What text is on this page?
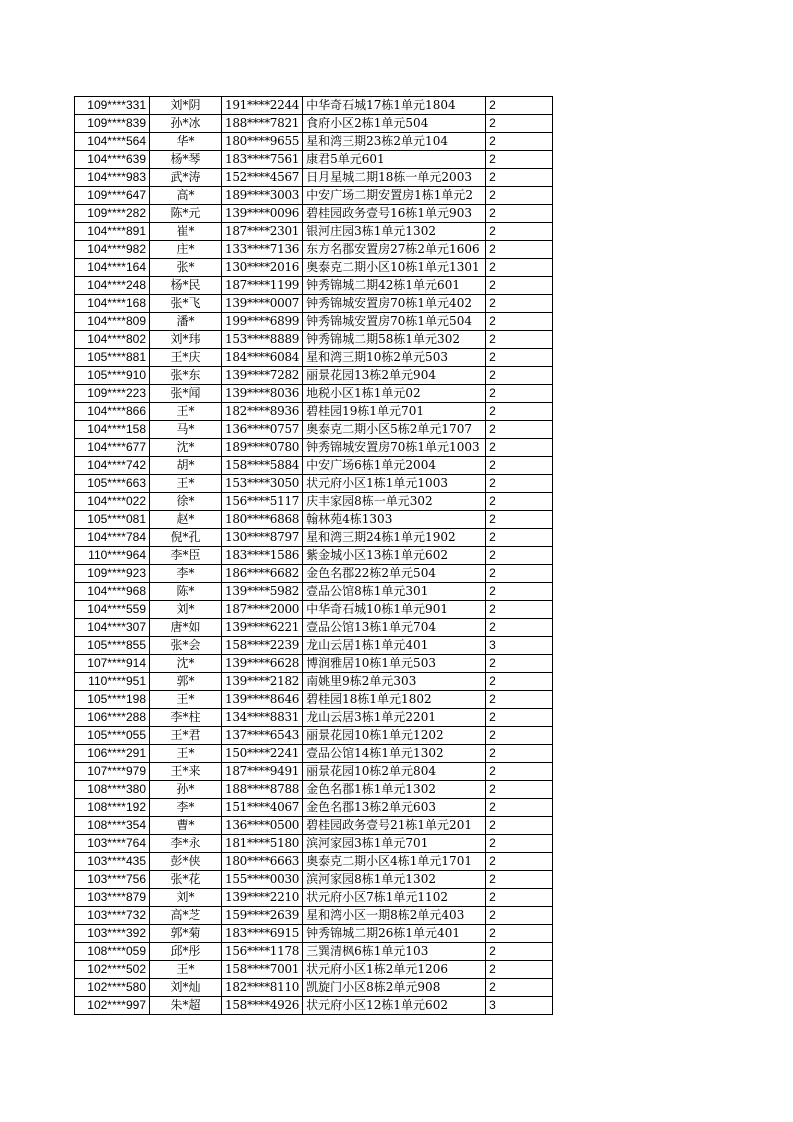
109****331	刘*阴	191****2244	中华奇石城17栋1单元1804	2
109****839	孙*冰	188****7821	食府小区2栋1单元504	2
104****564	华*	180****9655	星和湾三期23栋2单元104	2
104****639	杨*琴	183****7561	康君5单元601	2
104****983	武*涛	152****4567	日月星城二期18栋一单元2003	2
109****647	高*	189****3003	中安广场二期安置房1栋1单元2	2
109****282	陈*元	139****0096	碧桂园政务壹号16栋1单元903	2
104****891	崔*	187****2301	银河庄园3栋1单元1302	2
104****982	庄*	133****7136	东方名郡安置房27栋2单元1606	2
104****164	张*	130****2016	奥泰克二期小区10栋1单元1301	2
104****248	杨*民	187****1199	钟秀锦城二期42栋1单元601	2
104****168	张*飞	139****0007	钟秀锦城安置房70栋1单元402	2
104****809	潘*	199****6899	钟秀锦城安置房70栋1单元504	2
104****802	刘*玮	153****8889	钟秀锦城二期58栋1单元302	2
105****881	王*庆	184****6084	星和湾三期10栋2单元503	2
105****910	张*东	139****7282	丽景花园13栋2单元904	2
109****223	张*闻	139****8036	地税小区1栋1单元02	2
104****866	王*	182****8936	碧桂园19栋1单元701	2
104****158	马*	136****0757	奥泰克二期小区5栋2单元1707	2
104****677	沈*	189****0780	钟秀锦城安置房70栋1单元1003	2
104****742	胡*	158****5884	中安广场6栋1单元2004	2
105****663	王*	153****3050	状元府小区1栋1单元1003	2
104****022	徐*	156****5117	庆丰家园8栋一单元302	2
105****081	赵*	180****6868	翰林苑4栋1303	2
104****784	倪*孔	130****8797	星和湾三期24栋1单元1902	2
110****964	李*臣	183****1586	紫金城小区13栋1单元602	2
109****923	李*	186****6682	金色名郡22栋2单元504	2
104****968	陈*	139****5982	壹品公馆8栋1单元301	2
104****559	刘*	187****2000	中华奇石城10栋1单元901	2
104****307	唐*如	139****6221	壹品公馆13栋1单元704	2
105****855	张*会	158****2239	龙山云居1栋1单元401	3
107****914	沈*	139****6628	博润雅居10栋1单元503	2
110****951	郭*	139****2182	南姚里9栋2单元303	2
105****198	王*	139****8646	碧桂园18栋1单元1802	2
106****288	李*柱	134****8831	龙山云居3栋1单元2201	2
105****055	王*君	137****6543	丽景花园10栋1单元1202	2
106****291	王*	150****2241	壹品公馆14栋1单元1302	2
107****979	王*来	187****9491	丽景花园10栋2单元804	2
108****380	孙*	188****8788	金色名郡1栋1单元1302	2
108****192	李*	151****4067	金色名郡13栋2单元603	2
108****354	曹*	136****0500	碧桂园政务壹号21栋1单元201	2
103****764	李*永	181****5180	滨河家园3栋1单元701	2
103****435	彭*侠	180****6663	奥泰克二期小区4栋1单元1701	2
103****756	张*花	155****0030	滨河家园8栋1单元1302	2
103****879	刘*	139****2210	状元府小区7栋1单元1102	2
103****732	高*芝	159****2639	星和湾小区一期8栋2单元403	2
103****392	郭*菊	183****6915	钟秀锦城二期26栋1单元401	2
108****059	邱*彤	156****1178	三巽清枫6栋1单元103	2
102****502	王*	158****7001	状元府小区1栋2单元1206	2
102****580	刘*灿	182****8110	凯旋门小区8栋2单元908	2
102****997	朱*超	158****4926	状元府小区12栋1单元602	3
